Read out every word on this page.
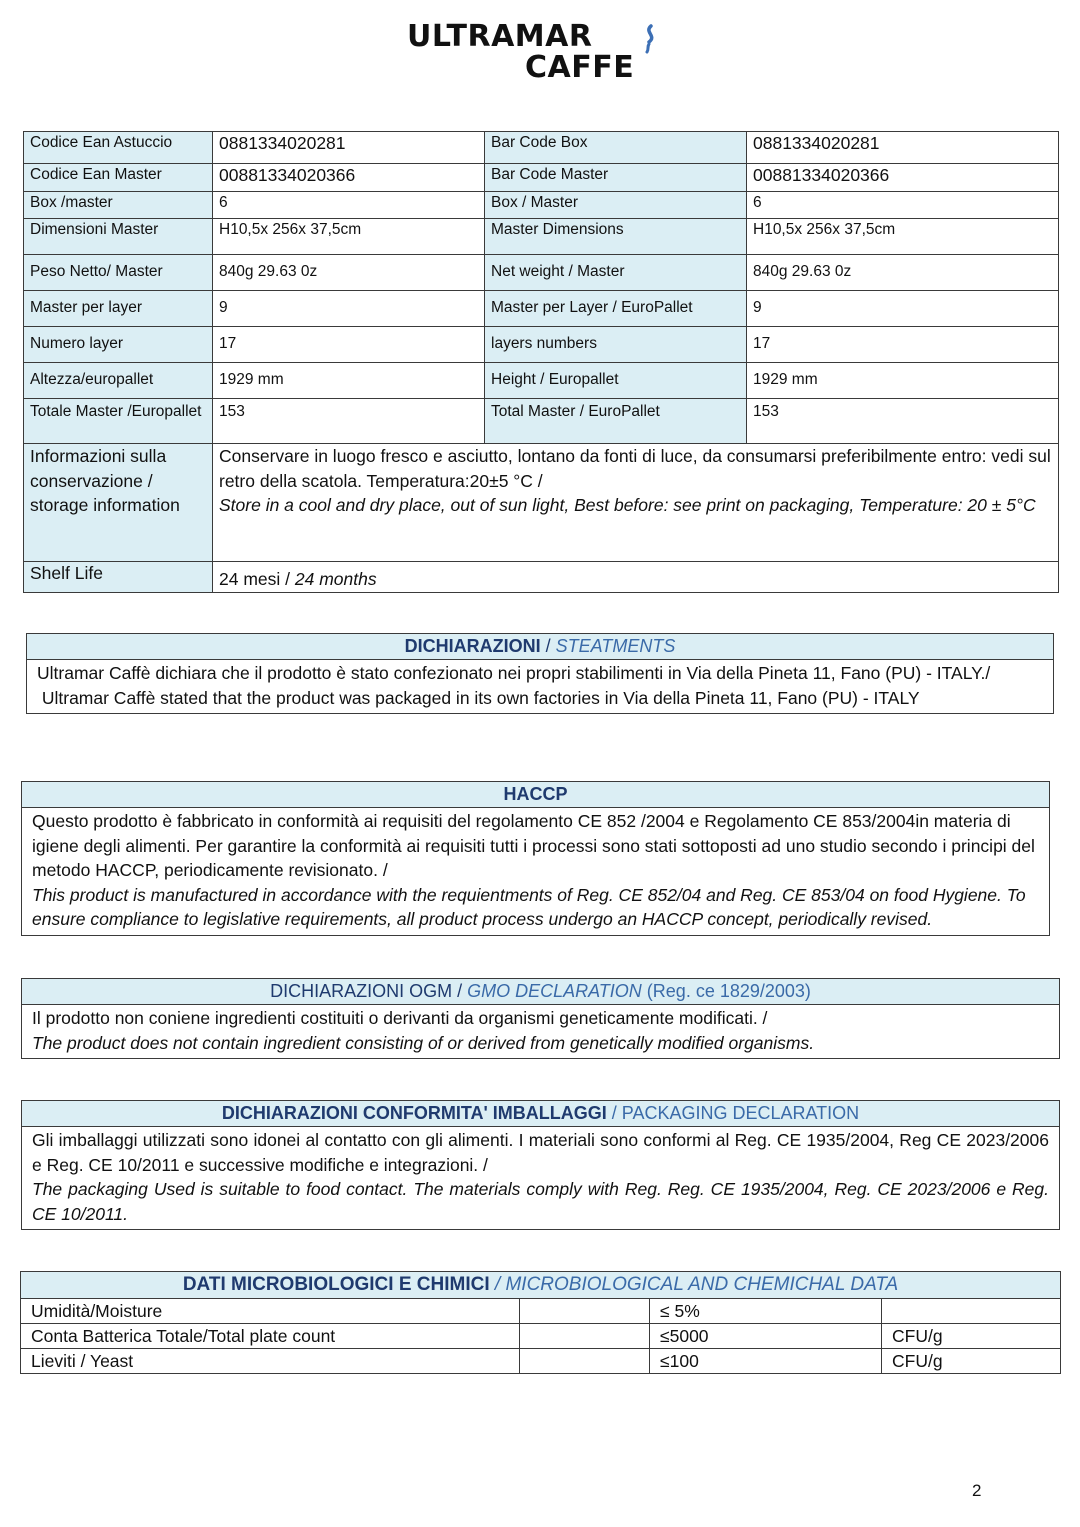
ULTRAMAR
CAFFE
Codice Ean Astuccio	0881334020281	Bar Code Box	0881334020281
Codice Ean Master	00881334020366	Bar Code Master	00881334020366
Box /master	6	Box / Master	6
Dimensioni Master	H10,5x 256x 37,5cm	Master Dimensions	H10,5x 256x 37,5cm
Peso Netto/ Master	840g 29.63 0z	Net weight / Master	840g 29.63 0z
Master per layer	9	Master per Layer / EuroPallet	9
Numero layer	17	layers numbers	17
Altezza/europallet	1929 mm	Height / Europallet	1929 mm
Totale Master /Europallet	153	Total Master / EuroPallet	153
Informazioni sulla conservazione / storage information	Conservare in luogo fresco e asciutto, lontano da fonti di luce, da consumarsi preferibilmente entro: vedi sul retro della scatola. Temperatura:20±5 °C /
Store in a cool and dry place, out of sun light, Best before: see print on packaging, Temperature: 20 ± 5°C		
Shelf Life	24 mesi / 24 months		
DICHIARAZIONI / STEATMENTS
Ultramar Caffè dichiara che il prodotto è stato confezionato nei propri stabilimenti in Via della Pineta 11, Fano (PU) - ITALY./
Ultramar Caffè stated that the product was packaged in its own factories in Via della Pineta 11, Fano (PU) - ITALY
HACCP
Questo prodotto è fabbricato in conformità ai requisiti del regolamento CE 852 /2004 e Regolamento CE 853/2004in materia di igiene degli alimenti. Per garantire la conformità ai requisiti tutti i processi sono stati sottoposti ad uno studio secondo i principi del metodo HACCP, periodicamente revisionato. /
This product is manufactured in accordance with the requientments of Reg. CE 852/04 and Reg. CE 853/04 on food Hygiene. To ensure compliance to legislative requirements, all product process undergo an HACCP concept, periodically revised.
DICHIARAZIONI OGM / GMO DECLARATION (Reg. ce 1829/2003)
Il prodotto non coniene ingredienti costituiti o derivanti da organismi geneticamente modificati. /
The product does not contain ingredient consisting of or derived from genetically modified organisms.
DICHIARAZIONI CONFORMITA' IMBALLAGGI / PACKAGING DECLARATION
Gli imballaggi utilizzati sono idonei al contatto con gli alimenti. I materiali sono conformi al Reg. CE 1935/2004, Reg CE 2023/2006 e Reg. CE 10/2011 e successive modifiche e integrazioni. /
The packaging Used is suitable to food contact. The materials comply with Reg. Reg. CE 1935/2004, Reg. CE 2023/2006 e Reg. CE 10/2011.
DATI MICROBIOLOGICI E CHIMICI / MICROBIOLOGICAL AND CHEMICHAL DATA			
Umidità/Moisture		≤ 5%	
Conta Batterica Totale/Total plate count		≤5000	CFU/g
Lieviti / Yeast		≤100	CFU/g
2
